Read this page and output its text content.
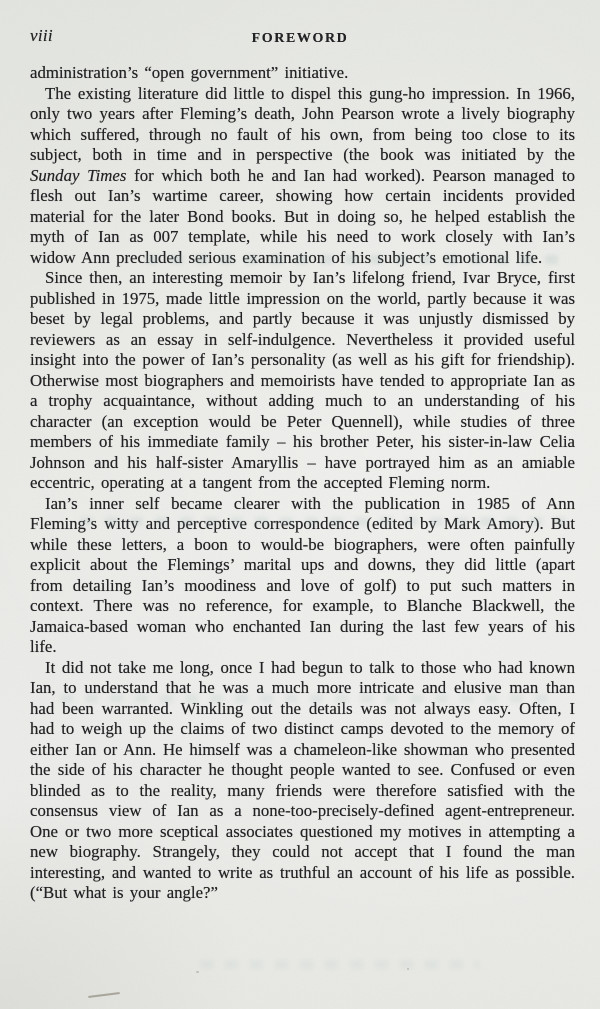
viii	FOREWORD

administration’s “open government” initiative.

The existing literature did little to dispel this gung-ho impression. In 1966, only two years after Fleming’s death, John Pearson wrote a lively biography which suffered, through no fault of his own, from being too close to its subject, both in time and in perspective (the book was initiated by the Sunday Times for which both he and Ian had worked). Pearson managed to flesh out Ian’s wartime career, showing how certain incidents provided material for the later Bond books. But in doing so, he helped establish the myth of Ian as 007 template, while his need to work closely with Ian’s widow Ann precluded serious examination of his subject’s emotional life.

Since then, an interesting memoir by Ian’s lifelong friend, Ivar Bryce, first published in 1975, made little impression on the world, partly because it was beset by legal problems, and partly because it was unjustly dismissed by reviewers as an essay in self-indulgence. Nevertheless it provided useful insight into the power of Ian’s personality (as well as his gift for friendship). Otherwise most biographers and memoirists have tended to appropriate Ian as a trophy acquaintance, without adding much to an understanding of his character (an exception would be Peter Quennell), while studies of three members of his immediate family – his brother Peter, his sister-in-law Celia Johnson and his half-sister Amaryllis – have portrayed him as an amiable eccentric, operating at a tangent from the accepted Fleming norm.

Ian’s inner self became clearer with the publication in 1985 of Ann Fleming’s witty and perceptive correspondence (edited by Mark Amory). But while these letters, a boon to would-be biographers, were often painfully explicit about the Flemings’ marital ups and downs, they did little (apart from detailing Ian’s moodiness and love of golf) to put such matters in context. There was no reference, for example, to Blanche Blackwell, the Jamaica-based woman who enchanted Ian during the last few years of his life.

It did not take me long, once I had begun to talk to those who had known Ian, to understand that he was a much more intricate and elusive man than had been warranted. Winkling out the details was not always easy. Often, I had to weigh up the claims of two distinct camps devoted to the memory of either Ian or Ann. He himself was a chameleon-like showman who presented the side of his character he thought people wanted to see. Confused or even blinded as to the reality, many friends were therefore satisfied with the consensus view of Ian as a none-too-precisely-defined agent-entrepreneur. One or two more sceptical associates questioned my motives in attempting a new biography. Strangely, they could not accept that I found the man interesting, and wanted to write as truthful an account of his life as possible. (“But what is your angle?”
